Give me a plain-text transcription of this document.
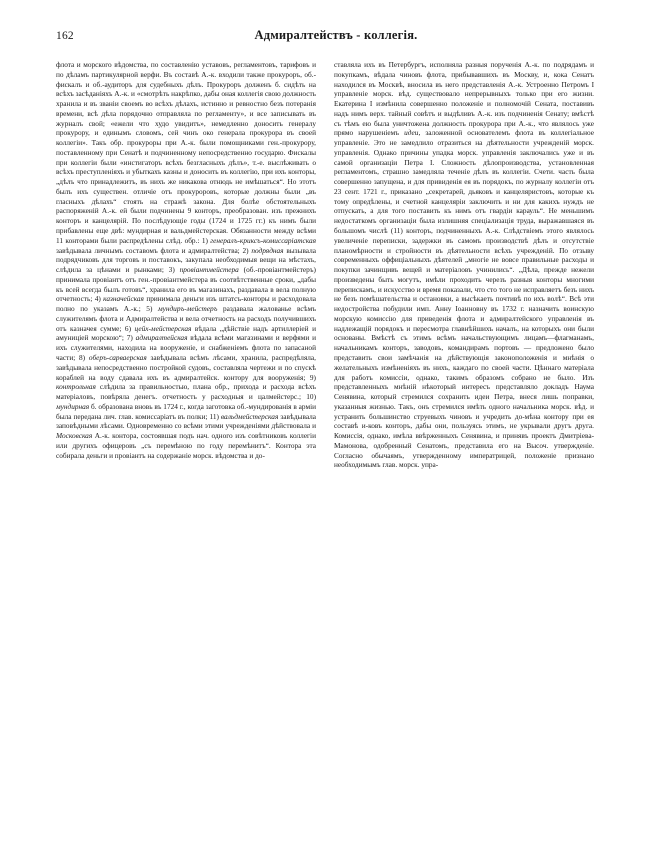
162	Адмиралтействъ - коллегія.

флота и морского вѣдомства, по составленію уставовъ, регламентовъ, тарифовъ и по дѣламъ партикулярной верфи. Въ составѣ А.-к. входили также прокуроръ, об.-фискалъ и об.-аудиторъ для судебныхъ дѣлъ. Прокуроръ долженъ б. сидѣть на всѣхъ засѣданіяхъ А.-к. и «смотрѣть накрѣпко, дабы оная коллегія свою должность хранила и въ званіи своемъ во всѣхъ дѣлахъ, истинно и ревностно безъ потеранія времени, всѣ дѣла порядочно отправляла по регламенту», и все записывать въ журналъ свой; «ежели что худо увидитъ», немедленно доносить генералу прокурору, и единымъ словомъ, сей чинъ око генерала прокурора въ своей коллегіи». Такъ обр. прокуроры при А.-к. были помощниками ген.-прокурору, поставленному при Сенатѣ и подчиненному непосредственно государю. Фискалы при коллегіи были «инстигаторъ всѣхъ безгласныхъ дѣлъ», т.-е. выслѣживать о всѣхъ преступленіяхъ и убыткахъ казны и доносить въ коллегію, при ихъ конторы, „дѣлъ что принадлежитъ, въ нихъ же никакова отнюдь не имѣшаться“. Но этотъ былъ ихъ существен. отличіе отъ прокуроровъ, которые должны были „въ гласныхъ дѣлахъ“ стоять на стражѣ закона. Для болѣе обстоятельныхъ распоряженій А.-к. ей были подчинены 9 конторъ, преобразован. изъ прежнихъ конторъ и канцелярій. По послѣдующіе годы (1724 и 1725 гг.) къ нимъ были прибавлены еще двѣ: мундирная и вальдмейстерская. Обязанности между всѣми 11 конторами были распредѣлены слѣд. обр.: 1) генералъ-криксъ-комиссаріатская завѣдывала личнымъ составомъ флота и адмиралтейства; 2) подрядная вызывала подрядчиковъ для торговъ и поставокъ, закупала необходимыя вещи на мѣстахъ, слѣдила за цѣнами и рынками; 3) провіантмейстера (об.-провіантмейстеръ) принимала провіантъ отъ ген.-провіантмейстера въ соотвѣтственные сроки, „дабы къ всей всегда былъ готовъ“, хранила его въ магазинахъ, раздавала в вела полную отчетность; 4) казначейская принимала деньги изъ штатсъ-конторы и расходовала полно по указамъ А.-к.; 5) мундиръ-мейстеръ раздавала жалованье всѣмъ служителямъ флота и Адмиралтейства и вела отчетность на расходъ получившихъ отъ казначея сумме; 6) цейх-мейстерская вѣдала „дѣйствіе надъ артиллеріей и амуниціей морскою“; 7) адмиралтейская вѣдала всѣми магазинами и верфями и ихъ служителями, находила на вооруженіе, и снабженіемъ флота по запасаной части; 8) оберъ-сарваерская завѣдывала всѣмъ лѣсами, хранила, распредѣляла, завѣдывала непосредственно постройкой судовъ, составляла чертежи и по спускѣ кораблей на воду сдавала ихъ въ адмиралтейск. контору для вооруженія; 9) контрольная слѣдила за правильностью, плана обр., прихода и расхода всѣхъ матеріаловъ, повѣряла денегъ. отчетность у расходныя и цалмейстерс.; 10) мундирная б. образована вновь въ 1724 г., когда заготовка об.-мундированія в арміи была передана лич. глав. комиссаріатъ въ полки; 11) вальдмейстерская завѣдывала заповѣдными лѣсами. Одновременно со всѣми этими учрежденіями дѣйствовала и Московская А.-к. контора, состоявшая подъ нач. одного изъ совѣтниковъ коллегіи или другихъ офицеровъ „съ перемѣною по году перемѣнитъ“. Контора эта собирала деньги и провіантъ на содержаніе морск. вѣдомства и до-

ставляла ихъ въ Петербургъ, исполняла разныя порученія А.-к. по подрядамъ и покупкамъ, вѣдала чиновъ флота, прибывавшихъ въ Москву, и, кока Сенатъ находился въ Москвѣ, вносила въ него представленія А.-к. Устроенно Петромъ I управленіе морск. вѣд. существовало непрерывныхъ только при его жизни. Екатерина I измѣнила совершенно положеніе и полномочій Сената, поставивъ надъ нимъ верх. тайный совѣтъ и выдѣливъ А.-к. изъ подчиненія Сенату; вмѣстѣ съ тѣмъ ею была уничтожена должность прокурора при А.-к., что являлось уже прямо нарушеніемъ идеи, заложенной основателемъ флота въ коллегіальное управленіе. Это не замедлило отразиться на дѣятельности учрежденій морск. управленія. Однако причины упадка морск. управленія заключались уже и въ самой организаціи Петра I. Сложность дѣлопроизводства, установленная регламентомъ, страшно замедляла теченіе дѣлъ въ коллегіи. Счети. часть была совершенно запущена, и для привиденія ея въ порядокъ, по журналу коллегіи отъ 23 сент. 1721 г., приказано „секретарей, дьяковъ и канцеляристовъ, которые къ тому опредѣлены, и счетной канцеляріи заключить и ни для какихъ нуждъ не отпускать, а для того поставить къ нимъ отъ гвардіи карауль“. Не меньшимъ недостаткомъ организаціи была излишняя спеціализація труда, выражавшаяся въ большомъ числѣ (11) конторъ, подчиненныхъ А.-к. Слѣдствіемъ этого являлось увеличеніе переписки, задержки въ самомъ производствѣ дѣлъ и отсутствіе планомѣрности и стройности въ дѣятельности всѣхъ учрежденій. По отзыву современныхъ оффиціальныхъ дѣятелей „многіе не вовсе правильные расходы и покупки зачинщивъ вещей и матеріаловъ учинились“. „Дѣла, прежде нежели произведены быть могутъ, имѣли проходить черезъ разныя конторы многими перепискамъ, и искусство и время показали, что сто того не исправляетъ безъ нихъ не безъ помѣшательства и остановки, а высѣкаеть почтивѣ по ихъ волѣ“. Всѣ эти недостройства побудили имп. Анну Іоанновну въ 1732 г. назначить воинскую морскую комиссію для приведенія флота и адмиралтейского управленія въ надлежащій порядокъ и пересмотра главнѣйшихъ началъ, на которыхъ они были основаны. Вмѣстѣ съ этимъ всѣмъ начальствующимъ лицамъ—флагманамъ, начальникамъ конторъ, заводовъ, командирамъ портовъ — предложено было представить свои замѣчанія на дѣйствующія законоположенія и мнѣнія о желательныхъ измѣненіяхъ въ нихъ, каждаго по своей части. Цѣннаго матеріала для работъ комиссіи, однако, такимъ образомъ собрано не было. Изъ представленныхъ мнѣній нѣкоторый интересъ представляло докладъ Наума Сенявина, который стремился сохранить идеи Петра, внеся лишь поправки, указанныя жизнью. Такъ, онъ стремился имѣть одного начальника морск. вѣд. и устранить большинство струевыхъ чиновъ и учредить до-мѣна контору при ея составѣ и-ковъ конторъ, дабы они, пользуясь этимъ, не укрывали другъ друга. Комиссія, однако, имѣла ввѣрженныхъ Сенявина, и принявъ проектъ Дмитріева-Мамонова, одобренный Сенатомъ, представила его на Высоч. утвержденіе. Согласно обычаямъ, утвержденному императрицей, положеніе признано необходимымъ глав. морск. упра-
